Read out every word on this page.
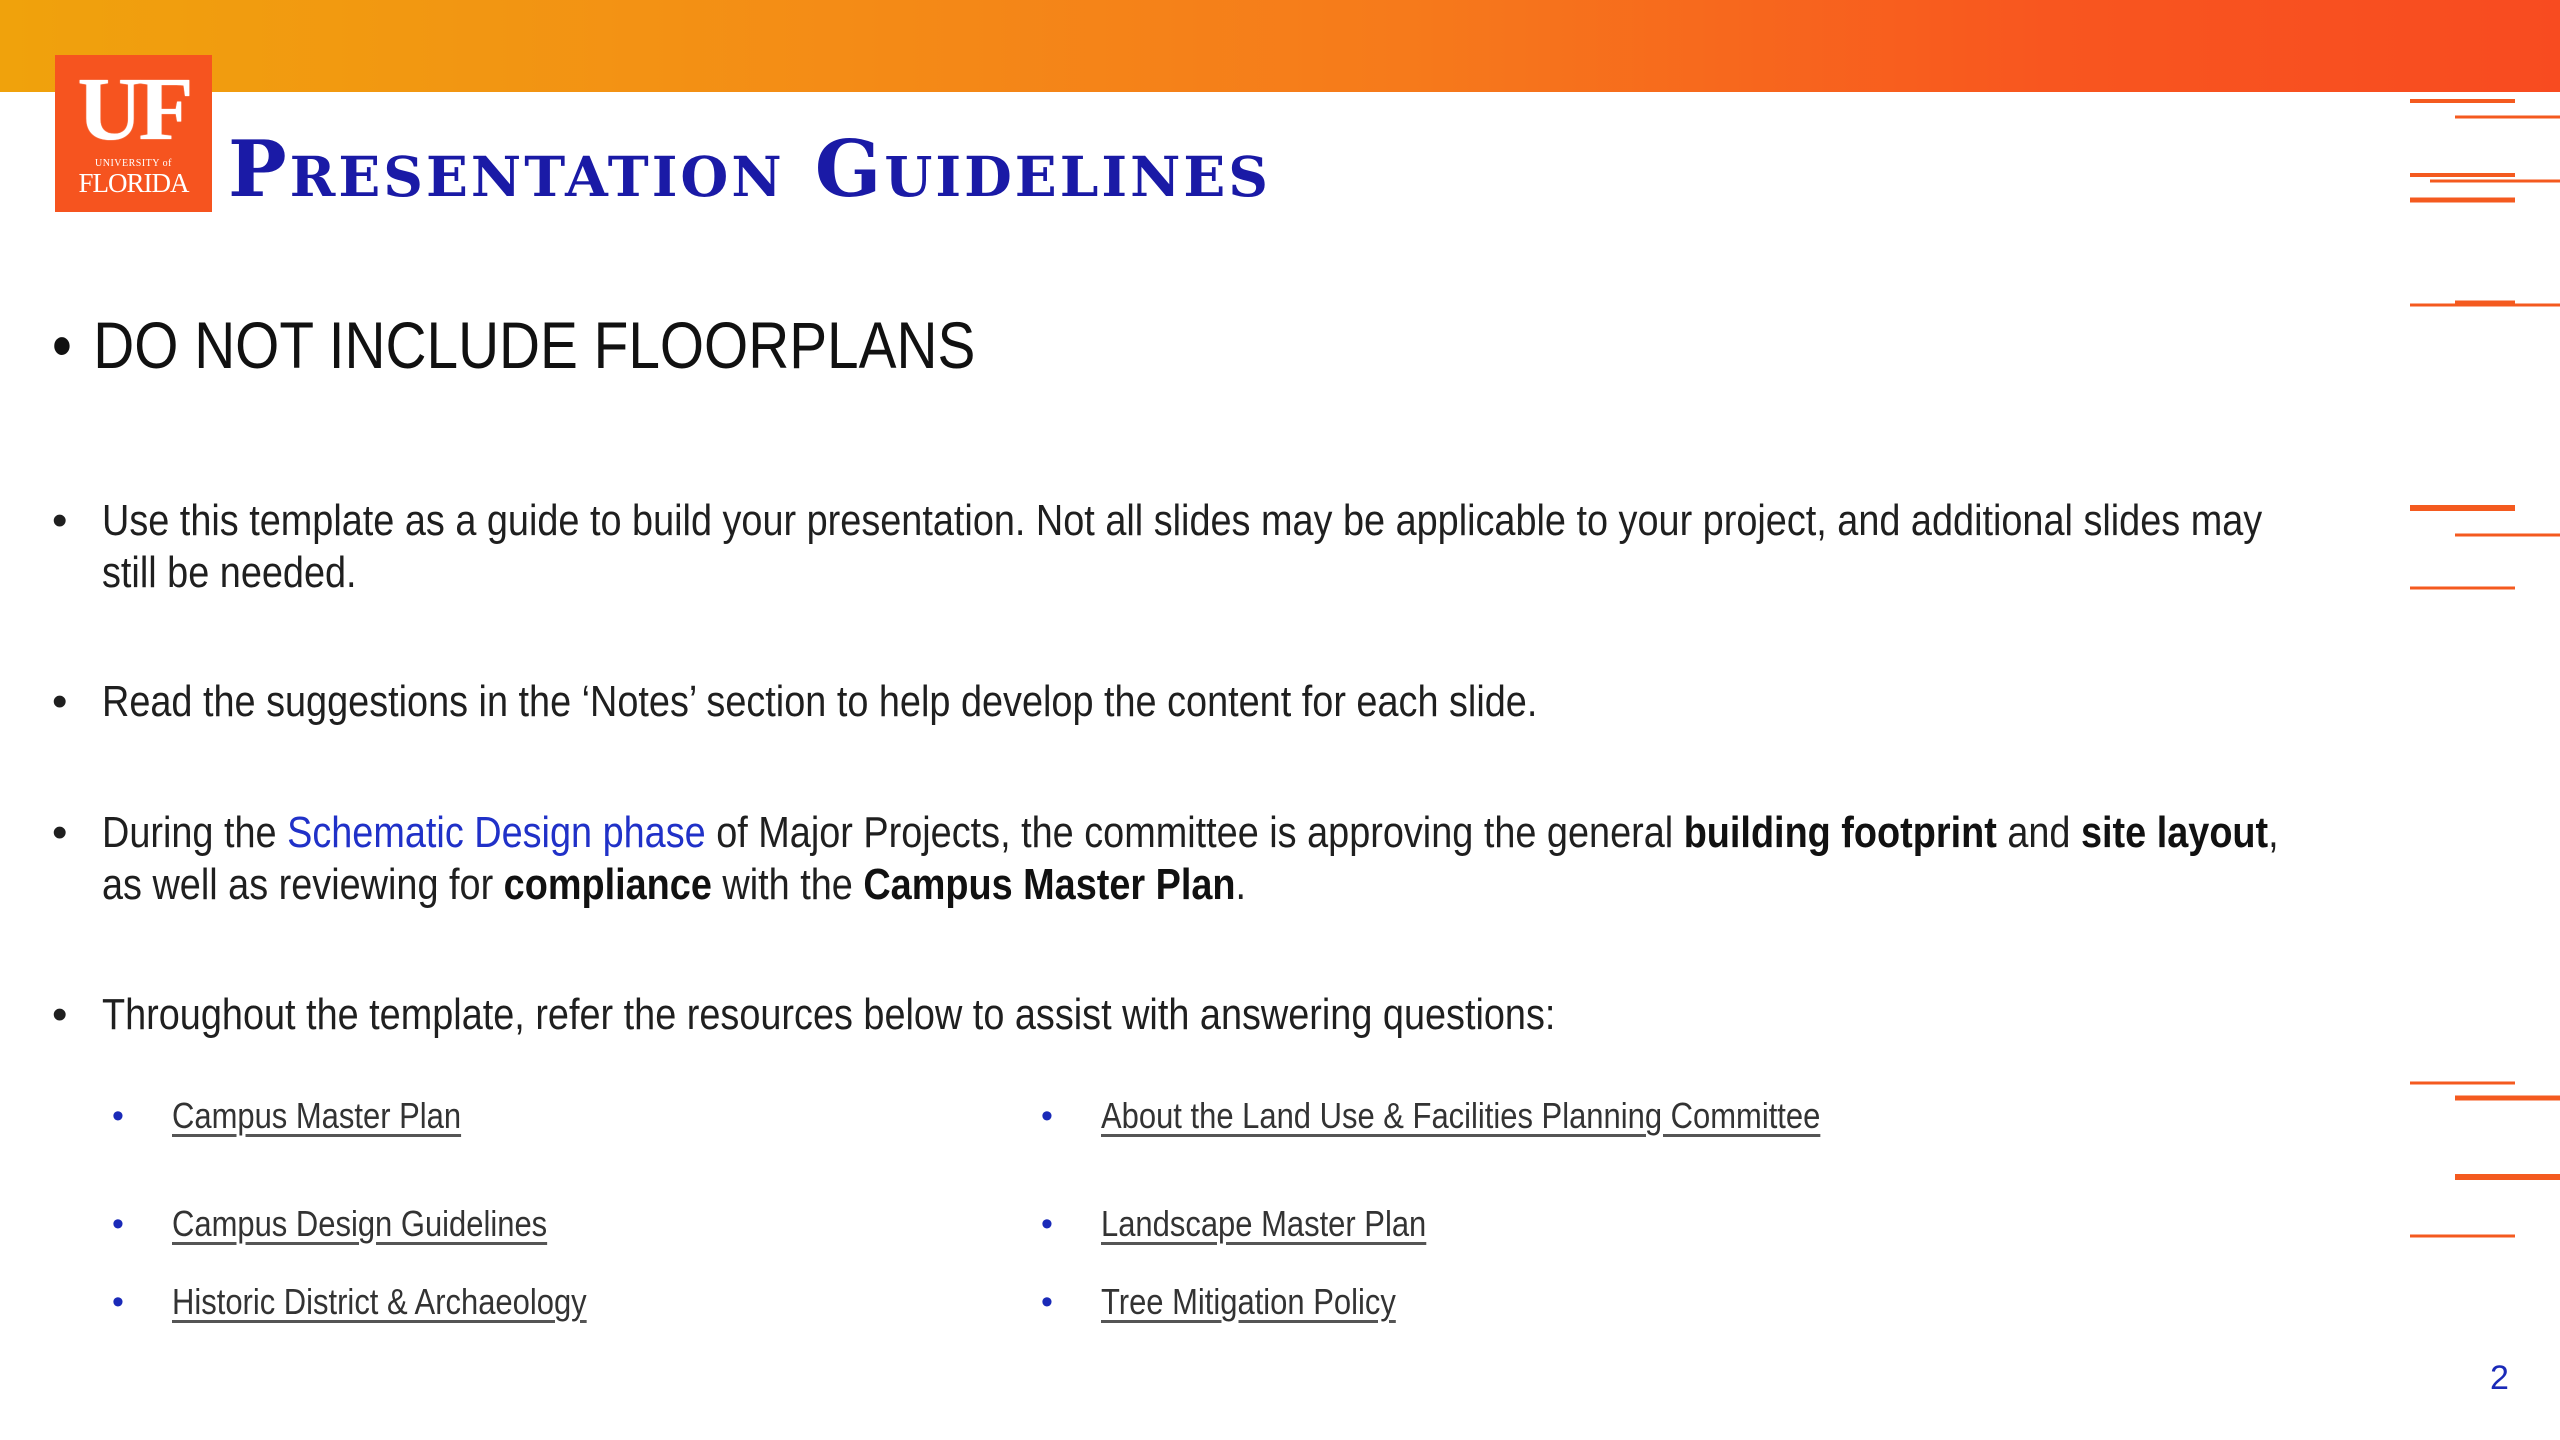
UF
UNIVERSITY of
FLORIDA Presentation Guidelines
• DO NOT INCLUDE FLOORPLANS
• Use this template as a guide to build your presentation. Not all slides may be applicable to your project, and additional slides may still be needed.
• Read the suggestions in the ‘Notes’ section to help develop the content for each slide.
• During the Schematic Design phase of Major Projects, the committee is approving the general building footprint and site layout, as well as reviewing for compliance with the Campus Master Plan.
• Throughout the template, refer the resources below to assist with answering questions:
• Campus Master Plan
• Campus Design Guidelines
• Historic District & Archaeology
• About the Land Use & Facilities Planning Committee
• Landscape Master Plan
• Tree Mitigation Policy
2
